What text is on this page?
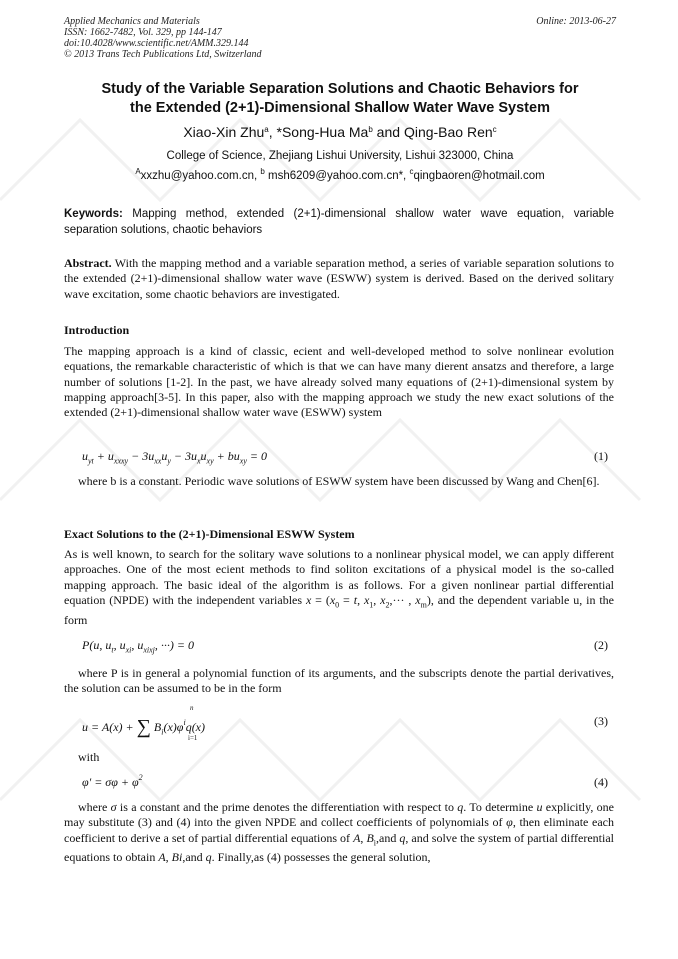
Applied Mechanics and Materials
ISSN: 1662-7482, Vol. 329, pp 144-147
doi:10.4028/www.scientific.net/AMM.329.144
© 2013 Trans Tech Publications Ltd, Switzerland
Online: 2013-06-27
Study of the Variable Separation Solutions and Chaotic Behaviors for
the Extended (2+1)-Dimensional Shallow Water Wave System
Xiao-Xin Zhu$^a$, *Song-Hua Ma$^b$ and Qing-Bao Ren$^c$
College of Science, Zhejiang Lishui University, Lishui 323000, China
$^A$xxzhu@yahoo.com.cn, $^b$ msh6209@yahoo.com.cn*, $^c$qingbaoren@hotmail.com
Keywords: Mapping method, extended (2+1)-dimensional shallow water wave equation, variable separation solutions, chaotic behaviors
Abstract. With the mapping method and a variable separation method, a series of variable separation solutions to the extended (2+1)-dimensional shallow water wave (ESWW) system is derived. Based on the derived solitary wave excitation, some chaotic behaviors are investigated.
Introduction
The mapping approach is a kind of classic, ecient and well-developed method to solve nonlinear evolution equations, the remarkable characteristic of which is that we can have many dierent ansatzs and therefore, a large number of solutions [1-2]. In the past, we have already solved many equations of (2+1)-dimensional system by mapping approach[3-5]. In this paper, also with the mapping approach we study the new exact solutions of the extended (2+1)-dimensional shallow water wave (ESWW) system
$u_{yt} + u_{xxxy} - 3u_{xx}u_y - 3u_xu_{xy} + bu_{xy} = 0$	(1)
where b is a constant. Periodic wave solutions of ESWW system have been discussed by Wang and Chen[6].
Exact Solutions to the (2+1)-Dimensional ESWW System
As is well known, to search for the solitary wave solutions to a nonlinear physical model, we can apply different approaches. One of the most ecient methods to find soliton excitations of a physical model is the so-called mapping approach. The basic ideal of the algorithm is as follows. For a given nonlinear partial differential equation (NPDE) with the independent variables $x = (x_0 = t$, $x_1$, $x_2,\cdot\cdot\cdot$ , $x_m$), and the dependent variable u, in the form
P(u, $u_t$, $u_{xi}$, $u_{xixj}$, ···) = 0	(2)
where P is in general a polynomial function of its arguments, and the subscripts denote the partial derivatives, the solution can be assumed to be in the form
u = A(x) + ∑
n
i=1
$B_i(x)\varphi^iq(x)$	(3)
with
$\varphi' = \sigma\varphi + \varphi^2$	(4)
where σ is a constant and the prime denotes the differentiation with respect to q. To determine u explicitly, one may substitute (3) and (4) into the given NPDE and collect coefficients of polynomials of φ, then eliminate each coefficient to derive a set of partial differential equations of A, $B_i,and$ q, and solve the system of partial differential equations to obtain A, Bi,and q. Finally,as (4) possesses the general solution,
